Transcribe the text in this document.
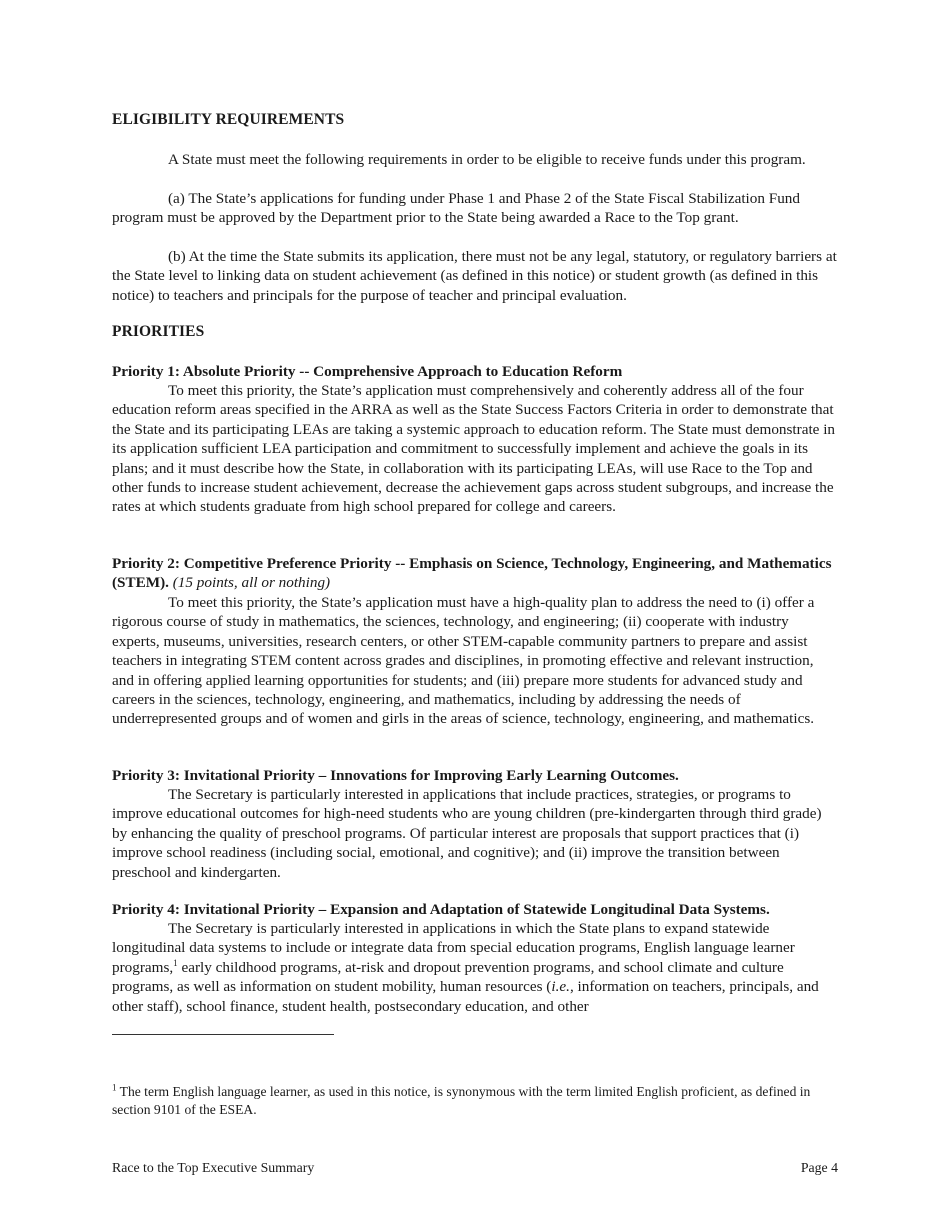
ELIGIBILITY REQUIREMENTS

A State must meet the following requirements in order to be eligible to receive funds under this program.

(a) The State’s applications for funding under Phase 1 and Phase 2 of the State Fiscal Stabilization Fund program must be approved by the Department prior to the State being awarded a Race to the Top grant.

(b) At the time the State submits its application, there must not be any legal, statutory, or regulatory barriers at the State level to linking data on student achievement (as defined in this notice) or student growth (as defined in this notice) to teachers and principals for the purpose of teacher and principal evaluation.

PRIORITIES
Priority 1: Absolute Priority -- Comprehensive Approach to Education Reform

To meet this priority, the State’s application must comprehensively and coherently address all of the four education reform areas specified in the ARRA as well as the State Success Factors Criteria in order to demonstrate that the State and its participating LEAs are taking a systemic approach to education reform. The State must demonstrate in its application sufficient LEA participation and commitment to successfully implement and achieve the goals in its plans; and it must describe how the State, in collaboration with its participating LEAs, will use Race to the Top and other funds to increase student achievement, decrease the achievement gaps across student subgroups, and increase the rates at which students graduate from high school prepared for college and careers.

Priority 2: Competitive Preference Priority -- Emphasis on Science, Technology, Engineering, and Mathematics (STEM). (15 points, all or nothing)

To meet this priority, the State’s application must have a high-quality plan to address the need to (i) offer a rigorous course of study in mathematics, the sciences, technology, and engineering; (ii) cooperate with industry experts, museums, universities, research centers, or other STEM-capable community partners to prepare and assist teachers in integrating STEM content across grades and disciplines, in promoting effective and relevant instruction, and in offering applied learning opportunities for students; and (iii) prepare more students for advanced study and careers in the sciences, technology, engineering, and mathematics, including by addressing the needs of underrepresented groups and of women and girls in the areas of science, technology, engineering, and mathematics.

Priority 3: Invitational Priority – Innovations for Improving Early Learning Outcomes.

The Secretary is particularly interested in applications that include practices, strategies, or programs to improve educational outcomes for high-need students who are young children (pre-kindergarten through third grade) by enhancing the quality of preschool programs. Of particular interest are proposals that support practices that (i) improve school readiness (including social, emotional, and cognitive); and (ii) improve the transition between preschool and kindergarten.

Priority 4: Invitational Priority – Expansion and Adaptation of Statewide Longitudinal Data Systems.

The Secretary is particularly interested in applications in which the State plans to expand statewide longitudinal data systems to include or integrate data from special education programs, English language learner programs,$^1$ early childhood programs, at-risk and dropout prevention programs, and school climate and culture programs, as well as information on student mobility, human resources (i.e., information on teachers, principals, and other staff), school finance, student health, postsecondary education, and other

$^1$ The term English language learner, as used in this notice, is synonymous with the term limited English proficient, as defined in section 9101 of the ESEA.

Race to the Top Executive Summary	Page 4
